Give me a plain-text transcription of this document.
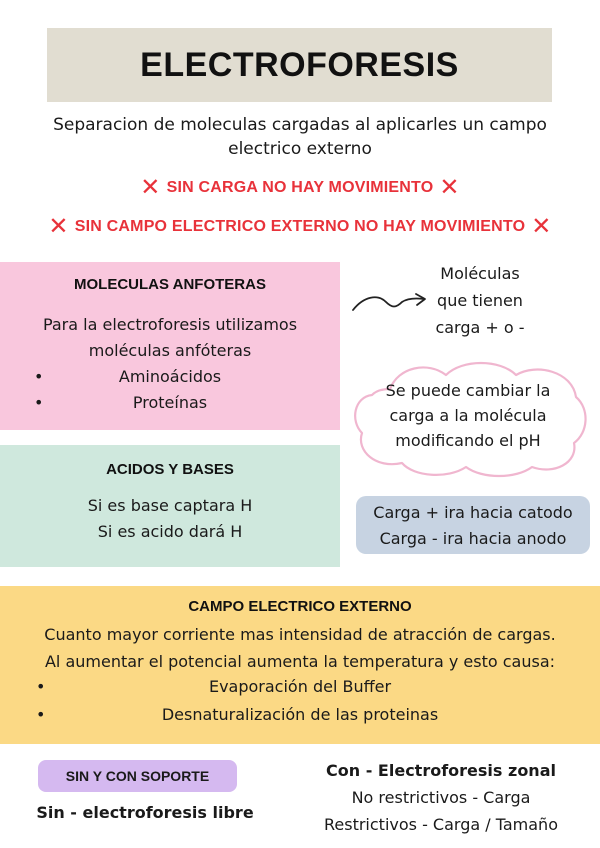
ELECTROFORESIS
Separacion de moleculas cargadas al aplicarles un campo electrico externo
✕ SIN CARGA NO HAY MOVIMIENTO ✕
✕ SIN CAMPO ELECTRICO EXTERNO NO HAY MOVIMIENTO ✕
MOLECULAS ANFOTERAS
Para la electroforesis utilizamos
moléculas anfóteras
•	Aminoácidos
•	Proteínas
Moléculas
que tienen
carga + o -
Se puede cambiar la
carga a la molécula
modificando el pH
ACIDOS Y BASES
Si es base captara H
Si es acido dará H
Carga + ira hacia catodo
Carga - ira hacia anodo
CAMPO ELECTRICO EXTERNO
Cuanto mayor corriente mas intensidad de atracción de cargas.
Al aumentar el potencial aumenta la temperatura y esto causa:
•	Evaporación del Buffer
•	Desnaturalización de las proteinas
SIN Y CON SOPORTE
Sin - electroforesis libre
Con - Electroforesis zonal
No restrictivos - Carga
Restrictivos - Carga / Tamaño
